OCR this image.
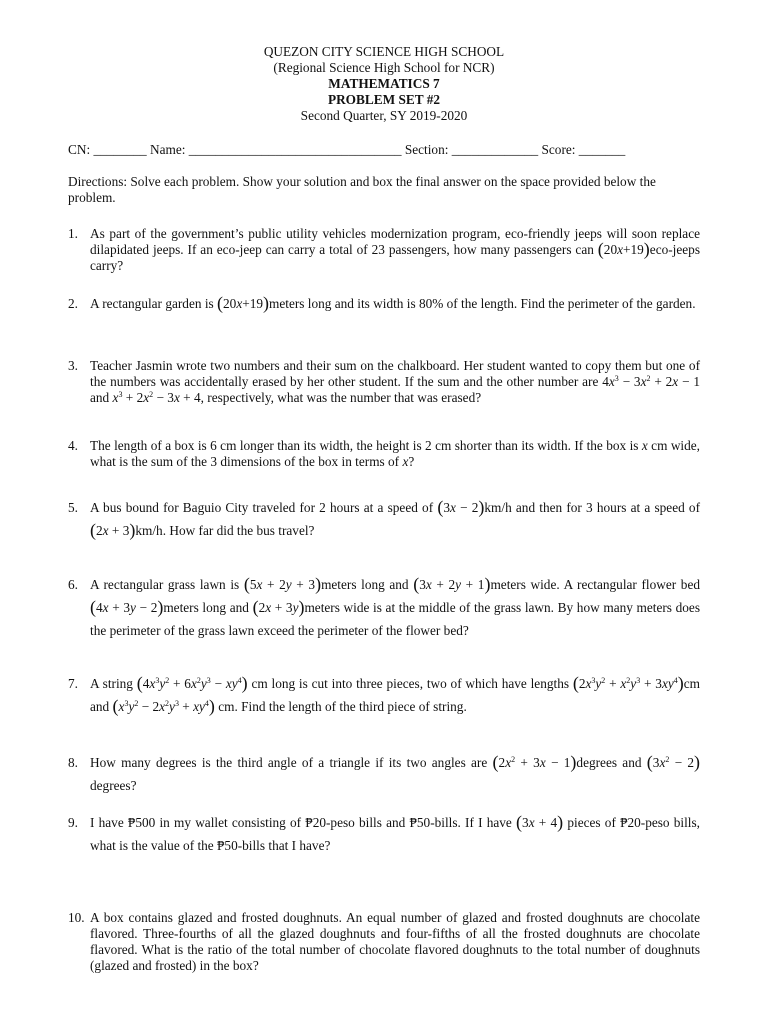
QUEZON CITY SCIENCE HIGH SCHOOL
(Regional Science High School for NCR)
MATHEMATICS 7
PROBLEM SET #2
Second Quarter, SY 2019-2020
CN: ________ Name: ________________________________ Section: _____________ Score: _______
Directions: Solve each problem. Show your solution and box the final answer on the space provided below the problem.
1. As part of the government’s public utility vehicles modernization program, eco-friendly jeeps will soon replace dilapidated jeeps. If an eco-jeep can carry a total of 23 passengers, how many passengers can (20x+19)eco-jeeps carry?
2. A rectangular garden is (20x+19)meters long and its width is 80% of the length. Find the perimeter of the garden.
3. Teacher Jasmin wrote two numbers and their sum on the chalkboard. Her student wanted to copy them but one of the numbers was accidentally erased by her other student. If the sum and the other number are $4x^3 - 3x^2 + 2x - 1$ and $x^3 + 2x^2 - 3x + 4$, respectively, what was the number that was erased?
4. The length of a box is 6 cm longer than its width, the height is 2 cm shorter than its width. If the box is x cm wide, what is the sum of the 3 dimensions of the box in terms of x?
5. A bus bound for Baguio City traveled for 2 hours at a speed of (3x − 2)km/h and then for 3 hours at a speed of (2x + 3)km/h. How far did the bus travel?
6. A rectangular grass lawn is (5x + 2y + 3)meters long and (3x + 2y + 1)meters wide. A rectangular flower bed (4x + 3y − 2)meters long and (2x + 3y)meters wide is at the middle of the grass lawn. By how many meters does the perimeter of the grass lawn exceed the perimeter of the flower bed?
7. A string $(4x^3y^2 + 6x^2y^3 - xy^4)$ cm long is cut into three pieces, two of which have lengths $(2x^3y^2 + x^2y^3 + 3xy^4)cm$ and $(x^3y^2 - 2x^2y^3 + xy^4)$ cm. Find the length of the third piece of string.
8. How many degrees is the third angle of a triangle if its two angles are ($2x^2 + 3x$ − 1)degrees and $(3x^2 - 2)$ degrees?
9. I have ₱500 in my wallet consisting of ₱20-peso bills and ₱50-bills. If I have (3x + 4) pieces of ₱20-peso bills, what is the value of the ₱50-bills that I have?
10. A box contains glazed and frosted doughnuts. An equal number of glazed and frosted doughnuts are chocolate flavored. Three-fourths of all the glazed doughnuts and four-fifths of all the frosted doughnuts are chocolate flavored. What is the ratio of the total number of chocolate flavored doughnuts to the total number of doughnuts (glazed and frosted) in the box?
